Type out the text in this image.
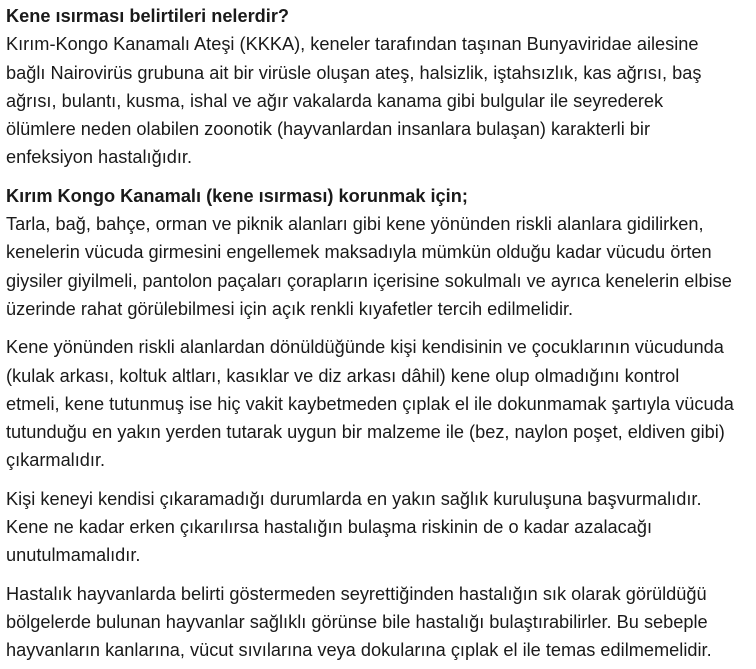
Kene ısırması belirtileri nelerdir?

Kırım-Kongo Kanamalı Ateşi (KKKA), keneler tarafından taşınan Bunyaviridae ailesine
bağlı Nairovirüs grubuna ait bir virüsle oluşan ateş, halsizlik, iştahsızlık, kas ağrısı, baş
ağrısı, bulantı, kusma, ishal ve ağır vakalarda kanama gibi bulgular ile seyrederek
ölümlere neden olabilen zoonotik (hayvanlardan insanlara bulaşan) karakterli bir
enfeksiyon hastalığıdır.

Kırım Kongo Kanamalı (kene ısırması) korunmak için;

Tarla, bağ, bahçe, orman ve piknik alanları gibi kene yönünden riskli alanlara gidilirken,
kenelerin vücuda girmesini engellemek maksadıyla mümkün olduğu kadar vücudu örten
giysiler giyilmeli, pantolon paçaları çorapların içerisine sokulmalı ve ayrıca kenelerin elbise
üzerinde rahat görülebilmesi için açık renkli kıyafetler tercih edilmelidir.

Kene yönünden riskli alanlardan dönüldüğünde kişi kendisinin ve çocuklarının vücudunda
(kulak arkası, koltuk altları, kasıklar ve diz arkası dâhil) kene olup olmadığını kontrol
etmeli, kene tutunmuş ise hiç vakit kaybetmeden çıplak el ile dokunmamak şartıyla vücuda
tutunduğu en yakın yerden tutarak uygun bir malzeme ile (bez, naylon poşet, eldiven gibi)
çıkarmalıdır.

Kişi keneyi kendisi çıkaramadığı durumlarda en yakın sağlık kuruluşuna başvurmalıdır.
Kene ne kadar erken çıkarılırsa hastalığın bulaşma riskinin de o kadar azalacağı
unutulmamalıdır.

Hastalık hayvanlarda belirti göstermeden seyrettiğinden hastalığın sık olarak görüldüğü
bölgelerde bulunan hayvanlar sağlıklı görünse bile hastalığı bulaştırabilirler. Bu sebeple
hayvanların kanlarına, vücut sıvılarına veya dokularına çıplak el ile temas edilmemelidir.
